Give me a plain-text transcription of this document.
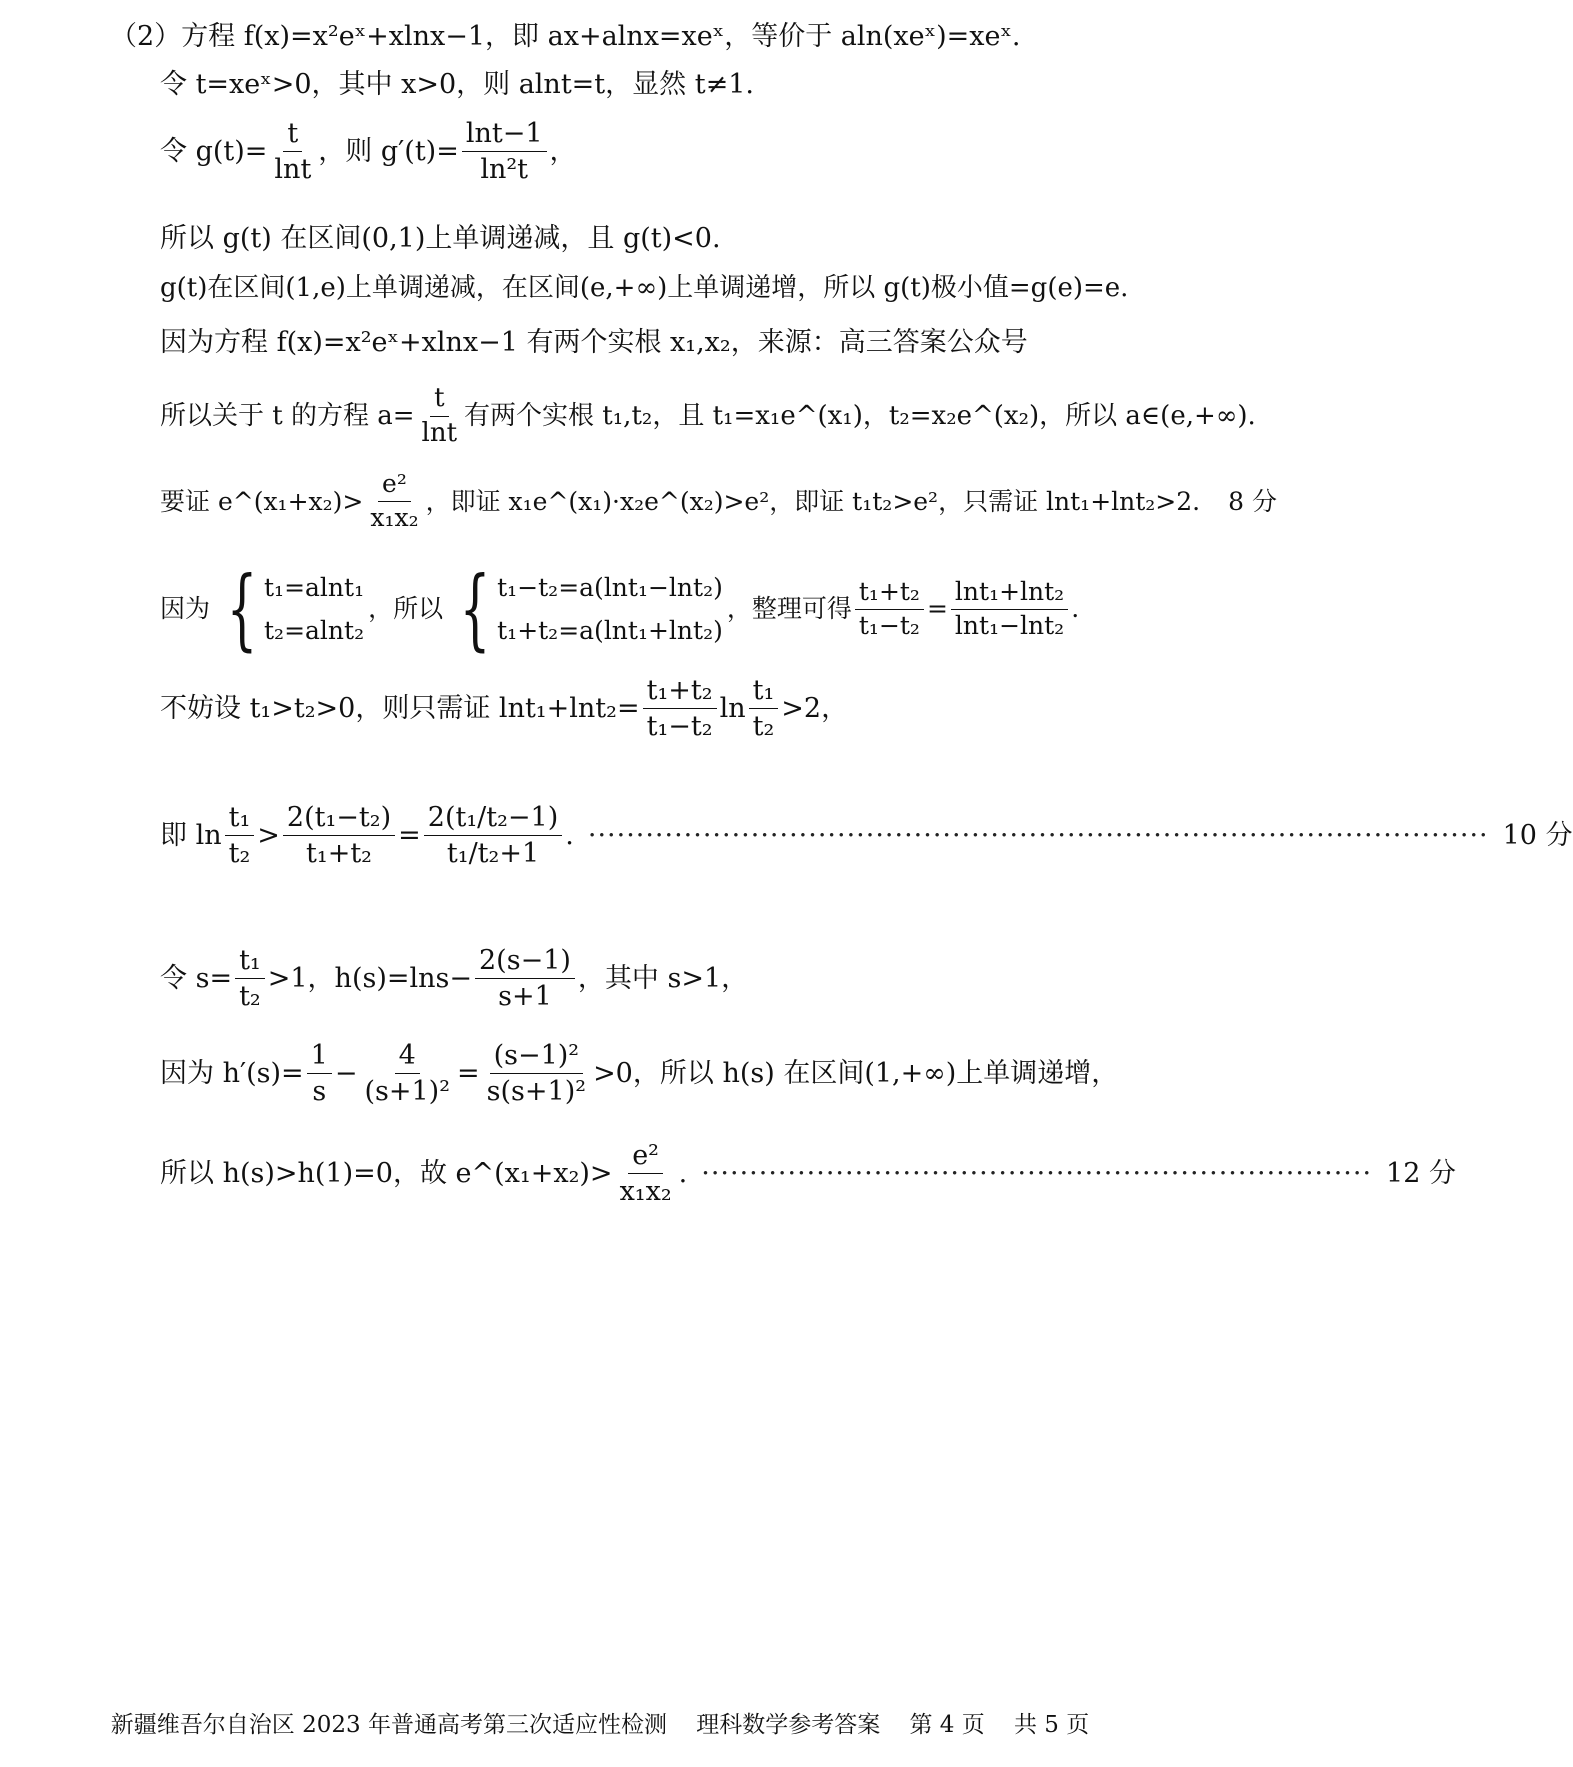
（2）方程 f(x)=x²eˣ+xlnx−1，即 ax+alnx=xeˣ，等价于 aln(xeˣ)=xeˣ.
令 t=xeˣ>0，其中 x>0，则 alnt=t，显然 t≠1.
令 $g(t)= \frac{t}{\ln t}$ ，则 $g'(t)= \frac{\ln t-1}{\text{ln²t}}$ ，
所以 g(t) 在区间(0,1)上单调递减，且 g(t)<0.
g(t)在区间(1,e)上单调递减，在区间(e,+∞)上单调递增，所以 g(t)极小值=g(e)=e.
因为方程 f(x)=x²eˣ+xlnx−1 有两个实根 x₁,x₂，来源：高三答案公众号
所以关于 t 的方程 $a= \frac{t}{\ln t}$ 有两个实根 t₁,t₂，且 t₁=x₁e^(x₁)，t₂=x₂e^(x₂)，所以 a∈(e,+∞).
要证 e^(x₁+x₂)> $\frac{\text{e²}}{\text{x₁x₂}}$ ，即证 x₁e^(x₁)·x₂e^(x₂)>e²，即证 t₁t₂>e²，只需证 lnt₁+lnt₂>2. 8 分
因为 { t₁=alnt₁
t₂=alnt₂
，所以 { t₁−t₂=a(lnt₁−lnt₂)
t₁+t₂=a(lnt₁+lnt₂)
，整理可得 $\frac{\text{t₁+t₂}}{\text{t₁−t₂}} = \frac{\text{lnt₁+lnt₂}}{\text{lnt₁−lnt₂}}$ .
不妨设 t₁>t₂>0，则只需证 $\ln t_1+\ln t_2= \frac{\text{t₁+t₂}}{\text{t₁−t₂}}$ $\ln \frac{\text{t₁}}{\text{t₂}} >2$，
即 $\ln \frac{\text{t₁}}{\text{t₂}} > \frac{\text{2(t₁−t₂)}}{\text{t₁+t₂}} = \frac{\text{2(t₁/t₂−1)}}{\text{t₁/t₂+1}}$ . ······························································································ 10 分
令 $s= \frac{\text{t₁}}{\text{t₂}} >1$，$h(s)=\ln s- \frac{2(s-1)}{s+1}$ ，其中 s>1，
因为 $h'(s)= \frac{1}{s} - \frac{4}{\text{(s+1)²}} = \frac{\text{(s−1)²}}{\text{s(s+1)²}} >0$，所以 h(s) 在区间(1,+∞)上单调递增，
所以 h(s)>h(1)=0，故 e^(x₁+x₂)> $\frac{\text{e²}}{\text{x₁x₂}}$ . ······································································ 12 分
新疆维吾尔自治区 2023 年普通高考第三次适应性检测    理科数学参考答案    第 4 页    共 5 页
